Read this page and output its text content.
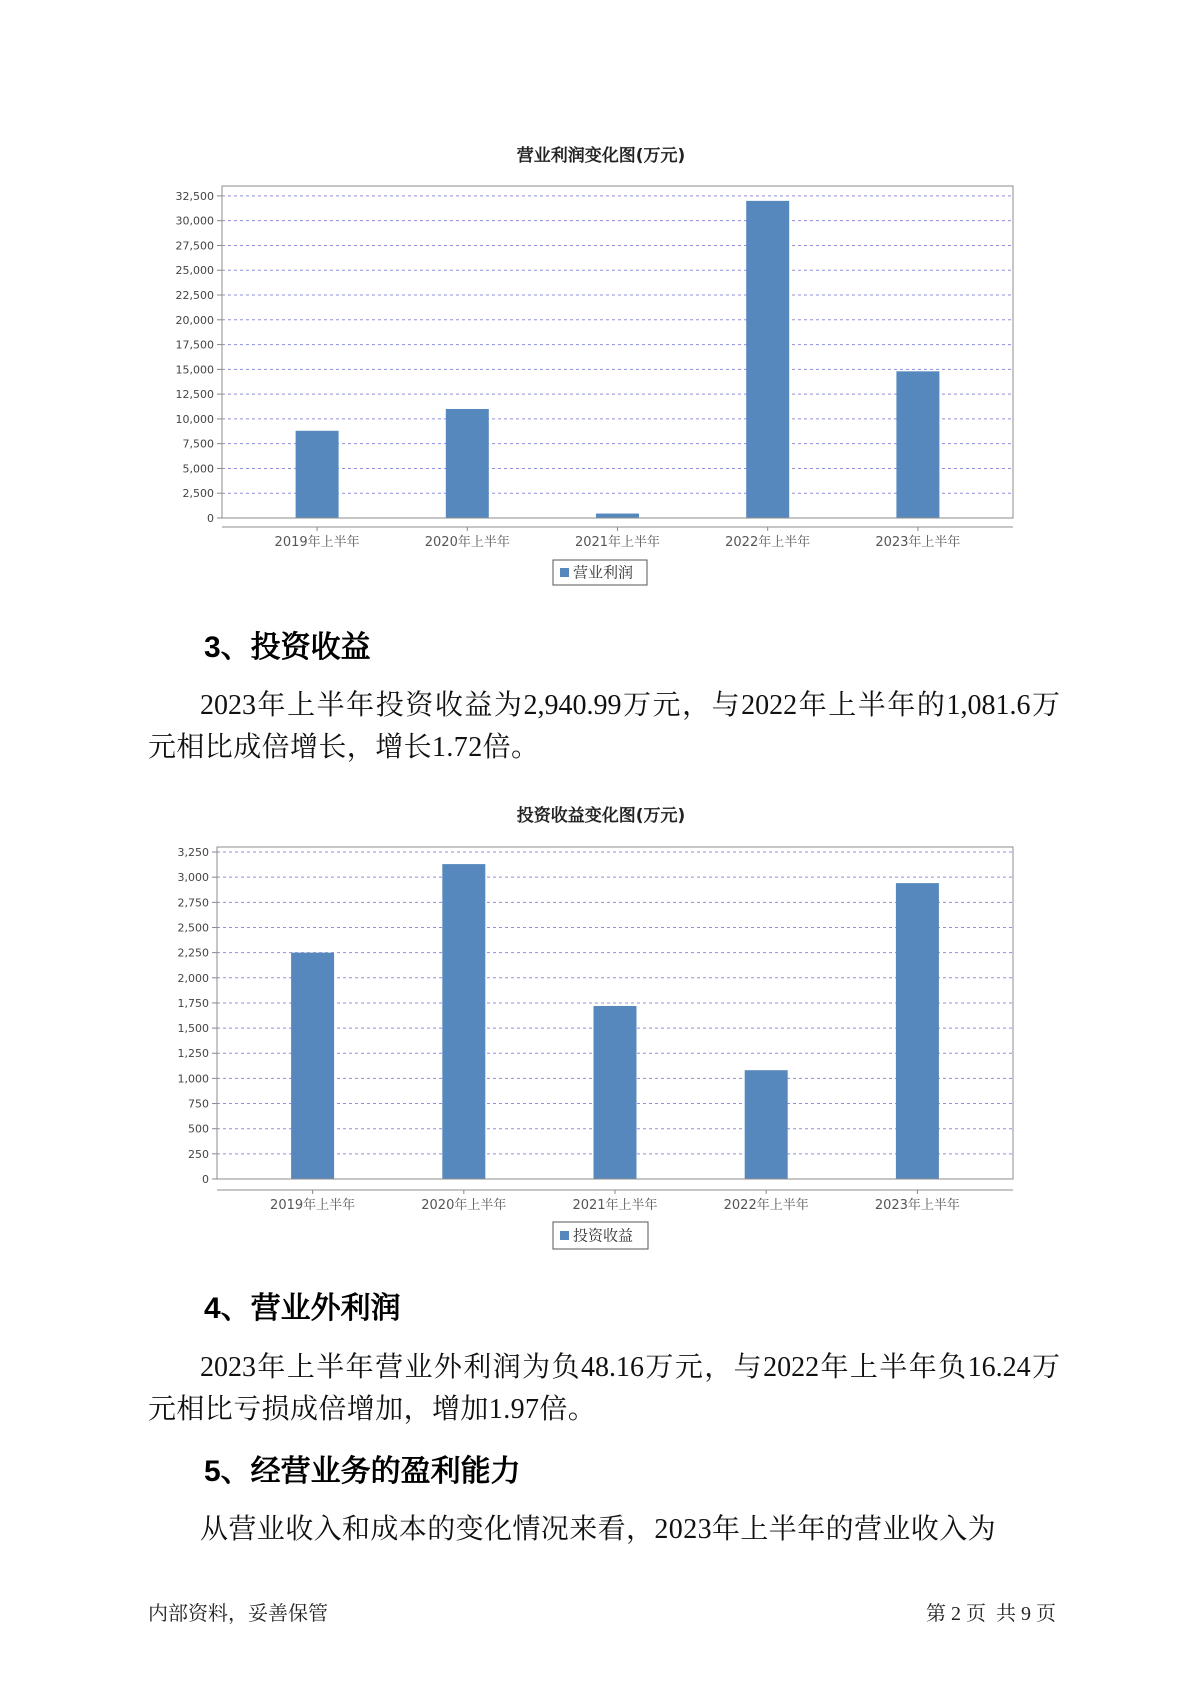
营业利润变化图(万元)
0
2,500
5,000
7,500
10,000
12,500
15,000
17,500
20,000
22,500
25,000
27,500
30,000
32,500
2019年上半年	2020年上半年	2021年上半年	2022年上半年	2023年上半年
营业利润
3、投资收益
2023年上半年投资收益为2,940.99万元，与2022年上半年的1,081.6万
元相比成倍增长，增长1.72倍。
投资收益变化图(万元)
0
250
500
750
1,000
1,250
1,500
1,750
2,000
2,250
2,500
2,750
3,000
3,250
2019年上半年	2020年上半年	2021年上半年	2022年上半年	2023年上半年
投资收益
4、营业外利润
2023年上半年营业外利润为负48.16万元，与2022年上半年负16.24万
元相比亏损成倍增加，增加1.97倍。
5、经营业务的盈利能力
从营业收入和成本的变化情况来看，2023年上半年的营业收入为
内部资料，妥善保管	第 2 页  共 9 页
